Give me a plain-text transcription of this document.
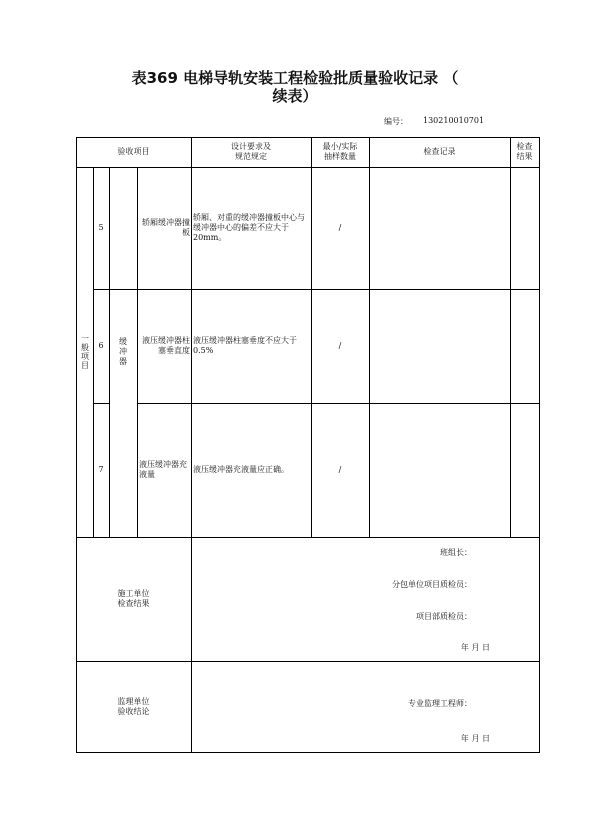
表369 电梯导轨安装工程检验批质量验收记录 （
续表）
编号： 130210010701
验收项目
设计要求及
规范规定
最小/实际
抽样数量
检查记录
检查
结果
一般项目	缓冲器
5
轿厢缓冲器撞板
轿厢、对重的缓冲器撞板中心与缓冲器中心的偏差不应大于20mm。
/
6
液压缓冲器柱塞垂直度
液压缓冲器柱塞垂度不应大于0.5%
/
7
液压缓冲器充液量
液压缓冲器充液量应正确。	/
施工单位
检查结果
班组长：
分包单位项目质检员：
项目部质检员：
年 月 日
监理单位
验收结论
专业监理工程师：
年 月 日
